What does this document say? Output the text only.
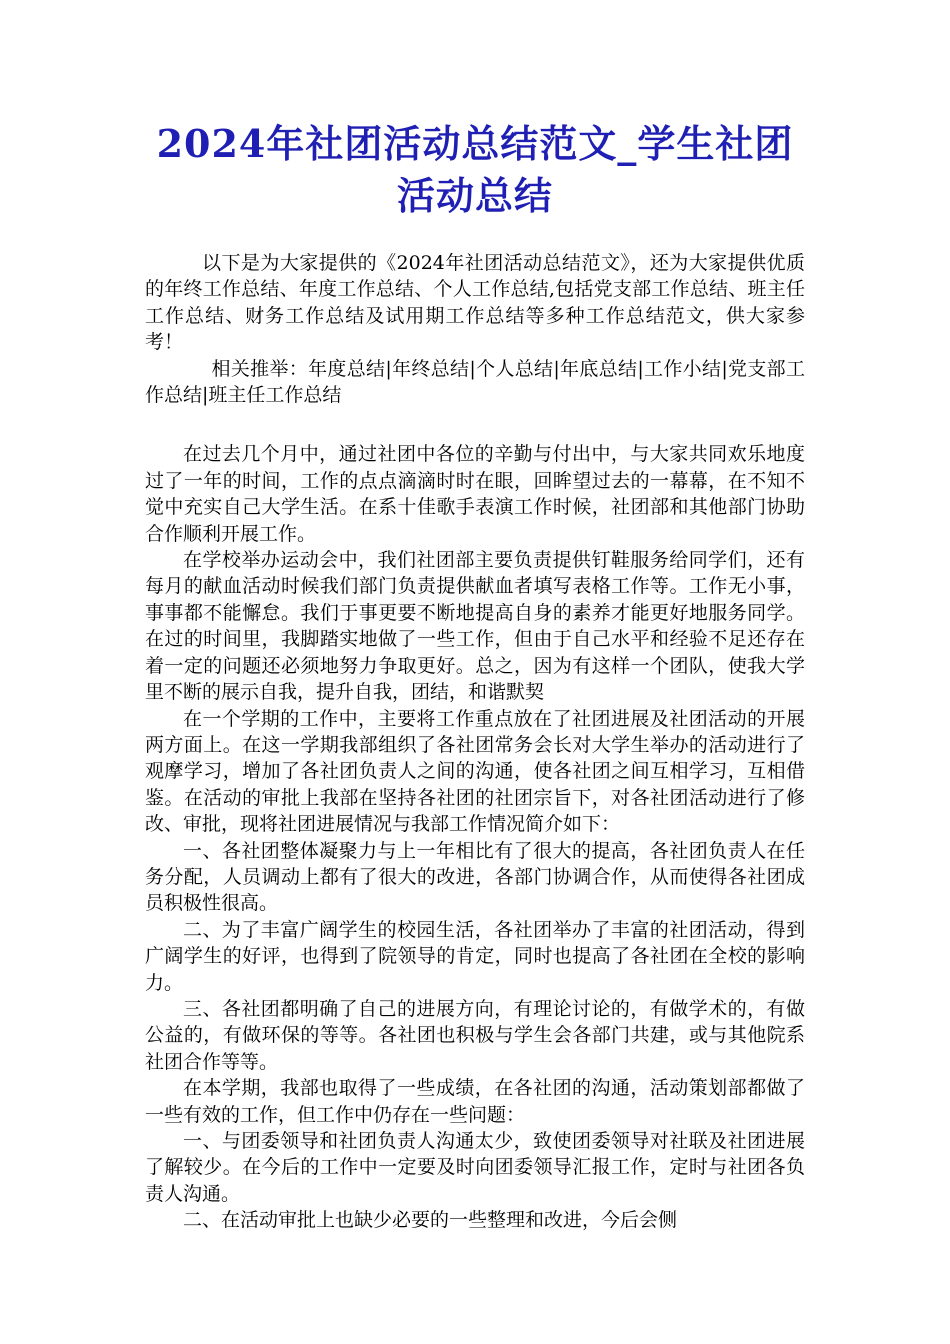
2024年社团活动总结范文_学生社团活动总结

以下是为大家提供的《2024年社团活动总结范文》，还为大家提供优质的年终工作总结、年度工作总结、个人工作总结,包括党支部工作总结、班主任工作总结、财务工作总结及试用期工作总结等多种工作总结范文，供大家参考！

相关推举：年度总结|年终总结|个人总结|年底总结|工作小结|党支部工作总结|班主任工作总结

在过去几个月中，通过社团中各位的辛勤与付出中，与大家共同欢乐地度过了一年的时间，工作的点点滴滴时时在眼，回眸望过去的一幕幕，在不知不觉中充实自己大学生活。在系十佳歌手表演工作时候，社团部和其他部门协助合作顺利开展工作。

在学校举办运动会中，我们社团部主要负责提供钉鞋服务给同学们，还有每月的献血活动时候我们部门负责提供献血者填写表格工作等。工作无小事，事事都不能懈怠。我们于事更要不断地提高自身的素养才能更好地服务同学。在过的时间里，我脚踏实地做了一些工作，但由于自己水平和经验不足还存在着一定的问题还必须地努力争取更好。总之，因为有这样一个团队，使我大学里不断的展示自我，提升自我，团结，和谐默契

在一个学期的工作中，主要将工作重点放在了社团进展及社团活动的开展两方面上。在这一学期我部组织了各社团常务会长对大学生举办的活动进行了观摩学习，增加了各社团负责人之间的沟通，使各社团之间互相学习，互相借鉴。在活动的审批上我部在坚持各社团的社团宗旨下，对各社团活动进行了修改、审批，现将社团进展情况与我部工作情况简介如下：

一、各社团整体凝聚力与上一年相比有了很大的提高，各社团负责人在任务分配，人员调动上都有了很大的改进，各部门协调合作，从而使得各社团成员积极性很高。

二、为了丰富广阔学生的校园生活，各社团举办了丰富的社团活动，得到广阔学生的好评，也得到了院领导的肯定，同时也提高了各社团在全校的影响力。

三、各社团都明确了自己的进展方向，有理论讨论的，有做学术的，有做公益的，有做环保的等等。各社团也积极与学生会各部门共建，或与其他院系社团合作等等。

在本学期，我部也取得了一些成绩，在各社团的沟通，活动策划部都做了一些有效的工作，但工作中仍存在一些问题：

一、与团委领导和社团负责人沟通太少，致使团委领导对社联及社团进展了解较少。在今后的工作中一定要及时向团委领导汇报工作，定时与社团各负责人沟通。

二、在活动审批上也缺少必要的一些整理和改进，今后会侧
